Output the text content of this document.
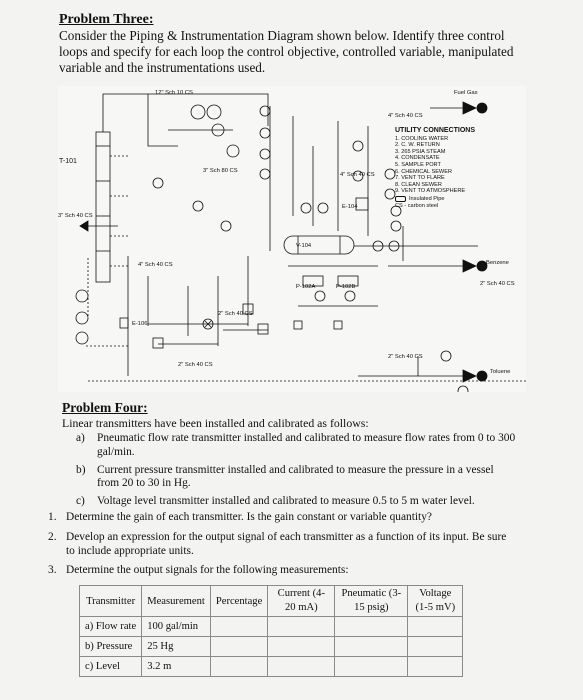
Problem Three:
Consider the Piping & Instrumentation Diagram shown below. Identify three control loops and specify for each loop the control objective, controlled variable, manipulated variable and the instrumentations used.
12" Sch 10 CS	Fuel Gas
4" Sch 40 CS
T-101
3" Sch 80 CS
3" Sch 40 CS
4" Sch 40 CS
4" Sch 40 CS
E-104
V-104
Benzene
2" Sch 40 CS
P-102A	P-102B
E-106
2" Sch 40 CS
2" Sch 40 CS
Toluene
2" Sch 40 CS
UTILITY CONNECTIONS
1. COOLING WATER
2. C. W. RETURN
3. 265 PSIA STEAM
4. CONDENSATE
5. SAMPLE PORT
6. CHEMICAL SEWER
7. VENT TO FLARE
8. CLEAN SEWER
9. VENT TO ATMOSPHERE
Insulated Pipe
CS - carbon steel
Problem Four:
Linear transmitters have been installed and calibrated as follows:
a)	Pneumatic flow rate transmitter installed and calibrated to measure flow rates from 0 to 300 gal/min.
b)	Current pressure transmitter installed and calibrated to measure the pressure in a vessel from 20 to 30 in Hg.
c)	Voltage level transmitter installed and calibrated to measure 0.5 to 5 m water level.
1. Determine the gain of each transmitter. Is the gain constant or variable quantity?
2. Develop an expression for the output signal of each transmitter as a function of its input. Be sure to include appropriate units.
3. Determine the output signals for the following measurements:
Transmitter	Measurement	Percentage	Current (4-20 mA)	Pneumatic (3-15 psig)	Voltage (1-5 mV)
a) Flow rate	100 gal/min				
b) Pressure	25 Hg				
c) Level	3.2 m				
